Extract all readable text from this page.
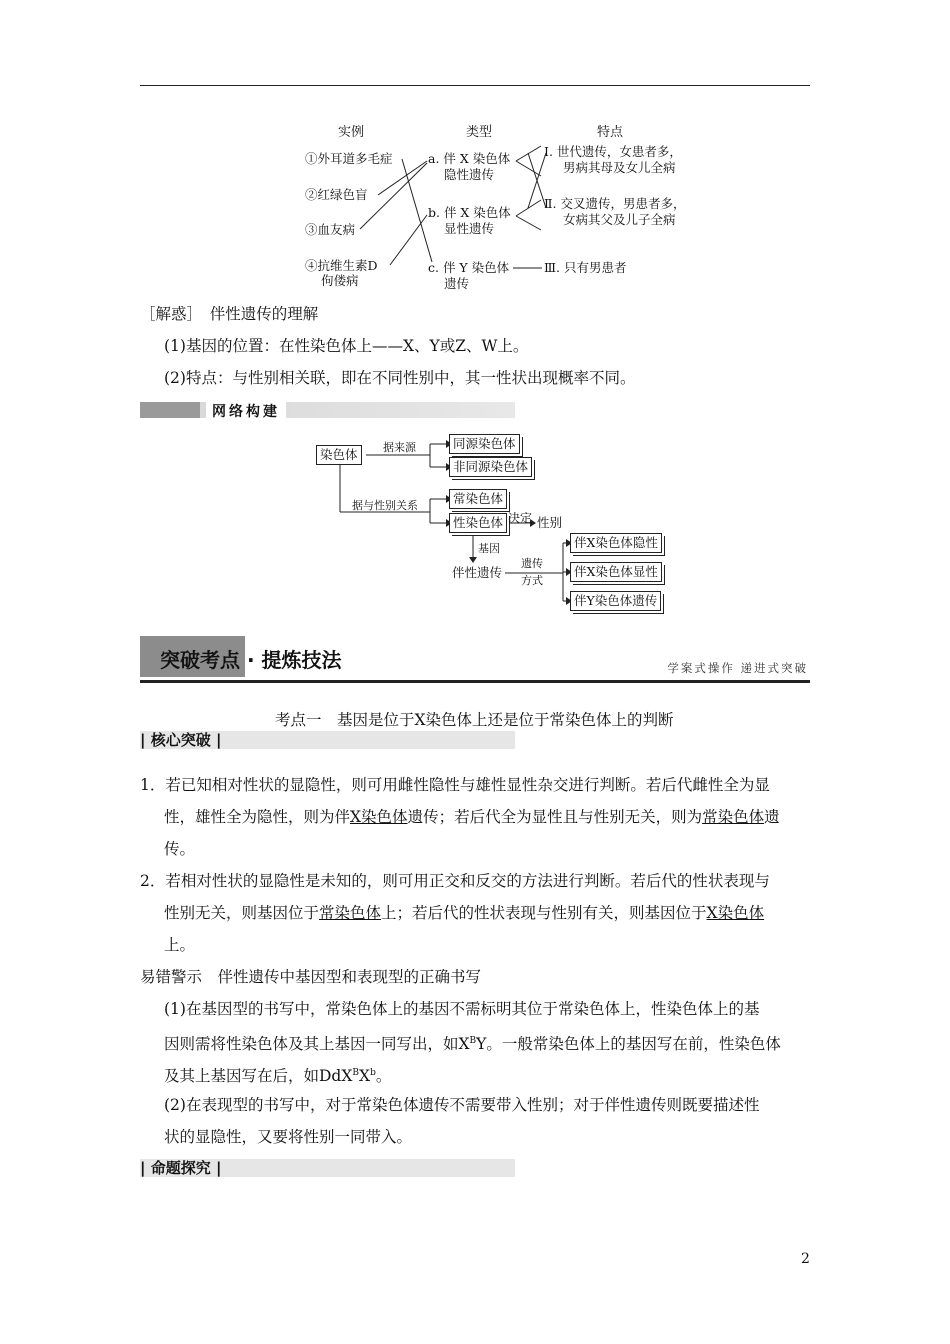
实例	类型	特点
①外耳道多毛症
②红绿色盲
③血友病
④抗维生素D
佝偻病
a. 伴 X 染色体
隐性遗传
b. 伴 X 染色体
显性遗传
c. 伴 Y 染色体
遗传
Ⅰ. 世代遗传，女患者多，
男病其母及女儿全病
Ⅱ. 交叉遗传，男患者多，
女病其父及儿子全病
Ⅲ. 只有男患者
［解惑］　伴性遗传的理解
(1)基因的位置：在性染色体上——X、Y或Z、W上。
(2)特点：与性别相关联，即在不同性别中，其一性状出现概率不同。
网络构建
染色体	据来源	同源染色体
非同源染色体
据与性别关系	常染色体
性染色体 决定 性别
基因
伴性遗传
遗传
方式
伴X染色体隐性
伴X染色体显性
伴Y染色体遗传
突破考点 · 提炼技法	学案式操作 递进式突破
考点一　基因是位于X染色体上还是位于常染色体上的判断
| 核心突破 |
1．若已知相对性状的显隐性，则可用雌性隐性与雄性显性杂交进行判断。若后代雌性全为显
性，雄性全为隐性，则为伴X染色体遗传；若后代全为显性且与性别无关，则为常染色体遗
传。
2．若相对性状的显隐性是未知的，则可用正交和反交的方法进行判断。若后代的性状表现与
性别无关，则基因位于常染色体上；若后代的性状表现与性别有关，则基因位于X染色体
上。
易错警示　伴性遗传中基因型和表现型的正确书写
(1)在基因型的书写中，常染色体上的基因不需标明其位于常染色体上，性染色体上的基
因则需将性染色体及其上基因一同写出，如$X^BY$。一般常染色体上的基因写在前，性染色体
及其上基因写在后，如$DdX^BX^b$。
(2)在表现型的书写中，对于常染色体遗传不需要带入性别；对于伴性遗传则既要描述性
状的显隐性，又要将性别一同带入。
| 命题探究 |
2
